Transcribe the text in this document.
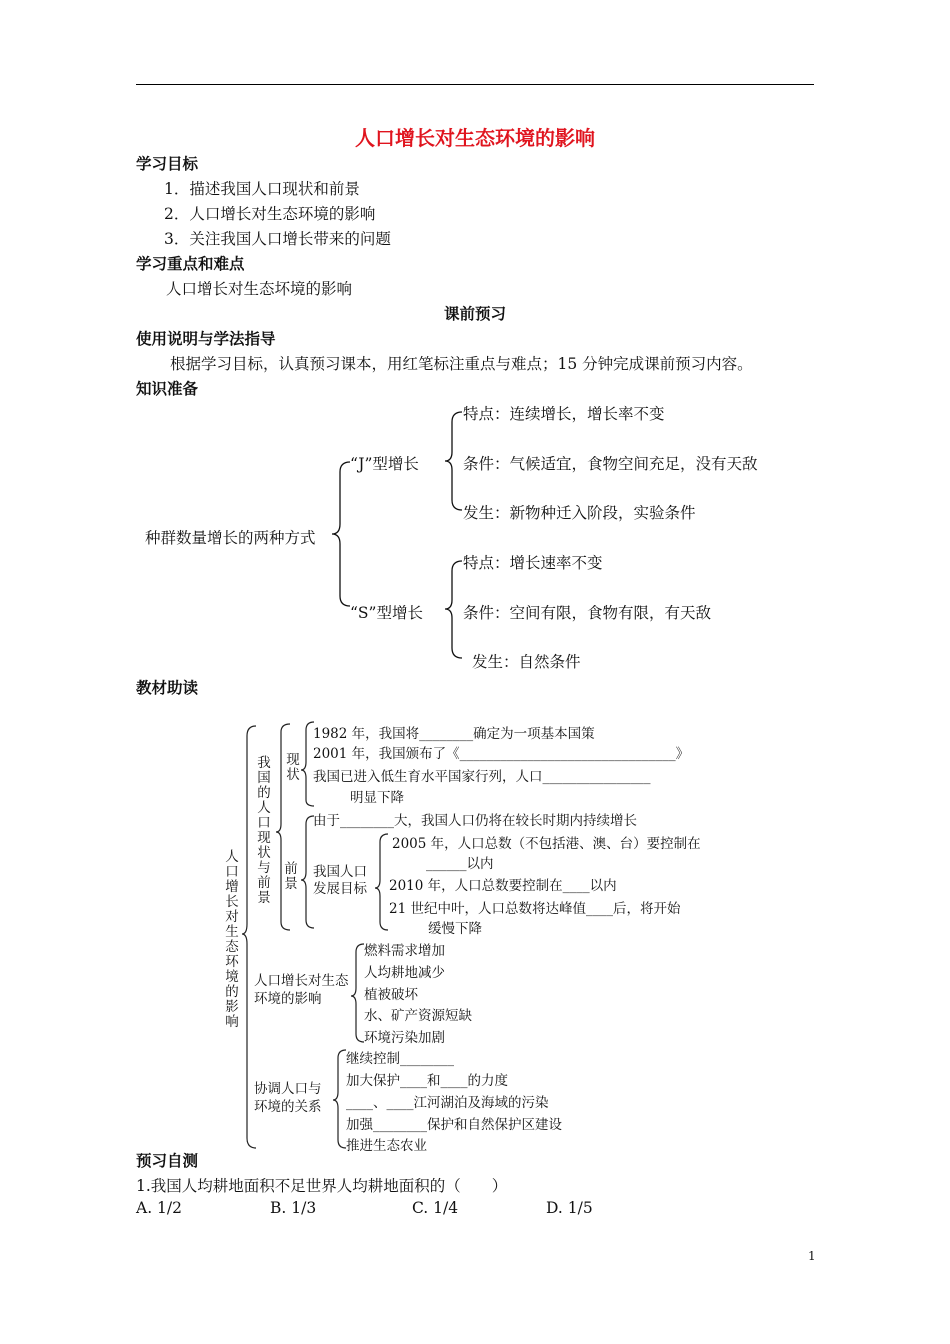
人口增长对生态环境的影响
学习目标
1．描述我国人口现状和前景
2．人口增长对生态环境的影响
3．关注我国人口增长带来的问题
学习重点和难点
人口增长对生态坏境的影响
课前预习
使用说明与学法指导
根据学习目标，认真预习课本，用红笔标注重点与难点；15 分钟完成课前预习内容。
知识准备
种群数量增长的两种方式
“J”型增长
特点：连续增长，增长率不变
条件：气候适宜，食物空间充足，没有天敌
发生：新物种迁入阶段，实验条件
“S”型增长
特点：增长速率不变
条件：空间有限，食物有限，有天敌
发生：自然条件
教材助读
人口增长对生态环境的影响
我国的人口现状与前景
现状
1982 年，我国将________确定为一项基本国策
2001 年，我国颁布了《________________________________》
我国已进入低生育水平国家行列，人口________________
明显下降
前景
由于________大，我国人口仍将在较长时期内持续增长
我国人口发展目标
2005 年，人口总数（不包括港、澳、台）要控制在
______以内
2010 年，人口总数要控制在____以内
21 世纪中叶，人口总数将达峰值____后，将开始
缓慢下降
人口增长对生态环境的影响
燃料需求增加
人均耕地减少
植被破坏
水、矿产资源短缺
环境污染加剧
协调人口与环境的关系
继续控制________
加大保护____和____的力度
____、____江河湖泊及海域的污染
加强________保护和自然保护区建设
推进生态农业
预习自测
1.我国人均耕地面积不足世界人均耕地面积的（　　）
A. 1/2	B. 1/3	C. 1/4	D. 1/5
1
